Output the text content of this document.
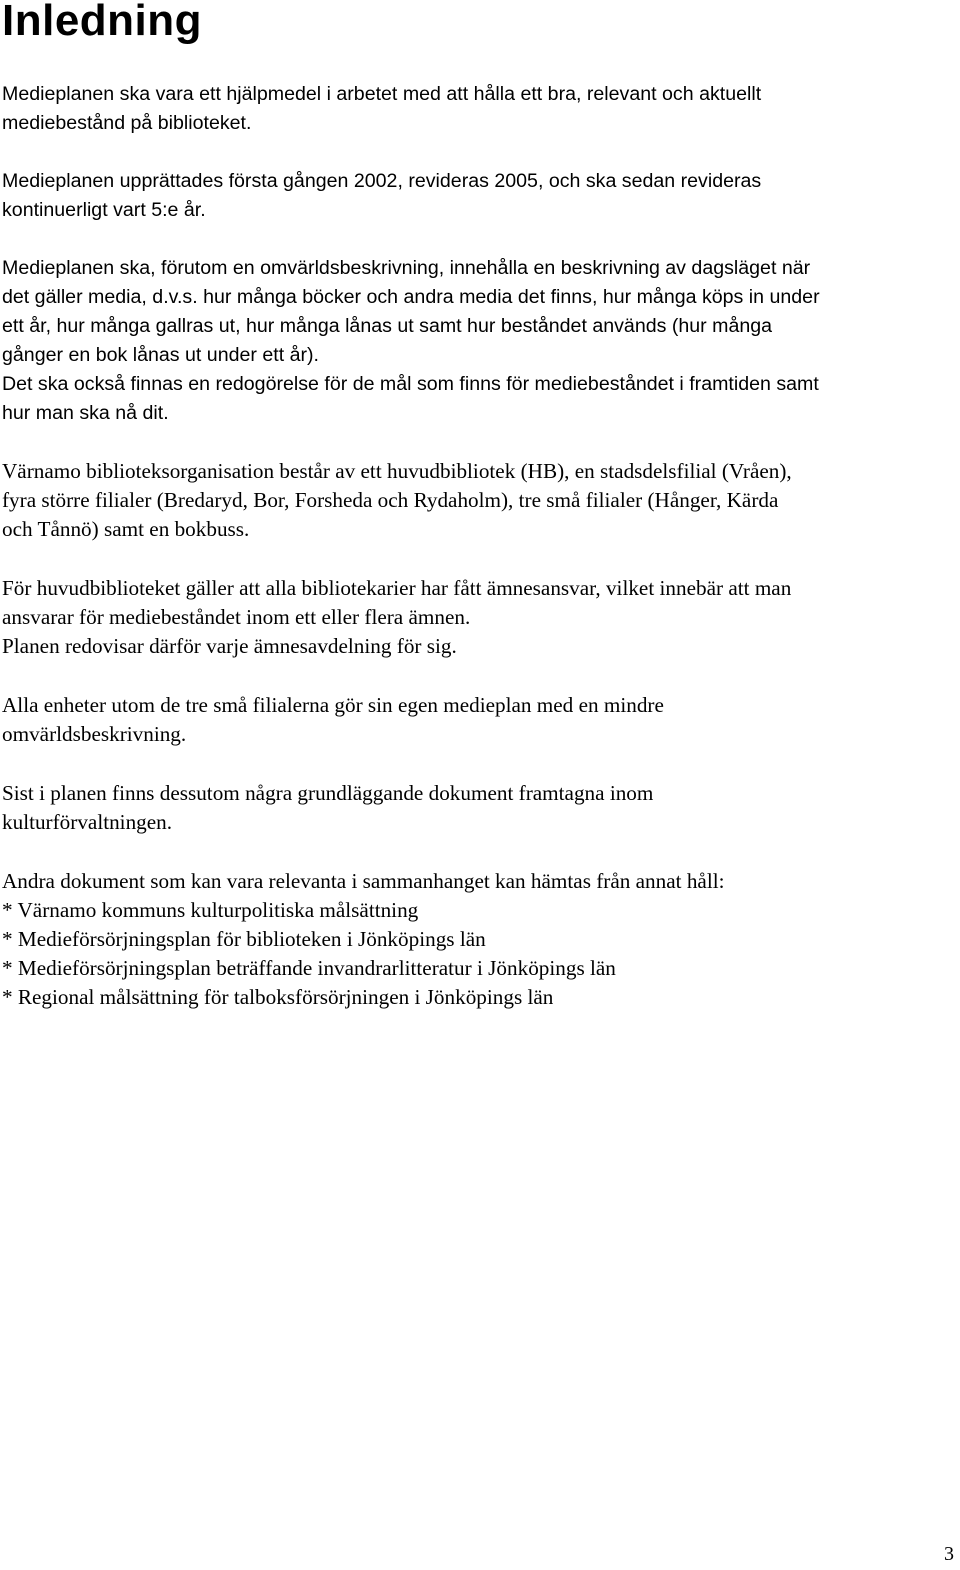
Inledning

Medieplanen ska vara ett hjälpmedel i arbetet med att hålla ett bra, relevant och aktuellt
mediebestånd på biblioteket.

Medieplanen upprättades första gången 2002, revideras 2005, och ska sedan revideras
kontinuerligt vart 5:e år.

Medieplanen ska, förutom en omvärldsbeskrivning, innehålla en beskrivning av dagsläget när
det gäller media, d.v.s. hur många böcker och andra media det finns, hur många köps in under
ett år, hur många gallras ut, hur många lånas ut samt hur beståndet används (hur många
gånger en bok lånas ut under ett år).
Det ska också finnas en redogörelse för de mål som finns för mediebeståndet i framtiden samt
hur man ska nå dit.

Värnamo biblioteksorganisation består av ett huvudbibliotek (HB), en stadsdelsfilial (Vråen),
fyra större filialer (Bredaryd, Bor, Forsheda och Rydaholm), tre små filialer (Hånger, Kärda
och Tånnö) samt en bokbuss.

För huvudbiblioteket gäller att alla bibliotekarier har fått ämnesansvar, vilket innebär att man
ansvarar för mediebeståndet inom ett eller flera ämnen.
Planen redovisar därför varje ämnesavdelning för sig.

Alla enheter utom de tre små filialerna gör sin egen medieplan med en mindre
omvärldsbeskrivning.

Sist i planen finns dessutom några grundläggande dokument framtagna inom
kulturförvaltningen.

Andra dokument som kan vara relevanta i sammanhanget kan hämtas från annat håll:
* Värnamo kommuns kulturpolitiska målsättning
* Medieförsörjningsplan för biblioteken i Jönköpings län
* Medieförsörjningsplan beträffande invandrarlitteratur i Jönköpings län
* Regional målsättning för talboksförsörjningen i Jönköpings län
3
